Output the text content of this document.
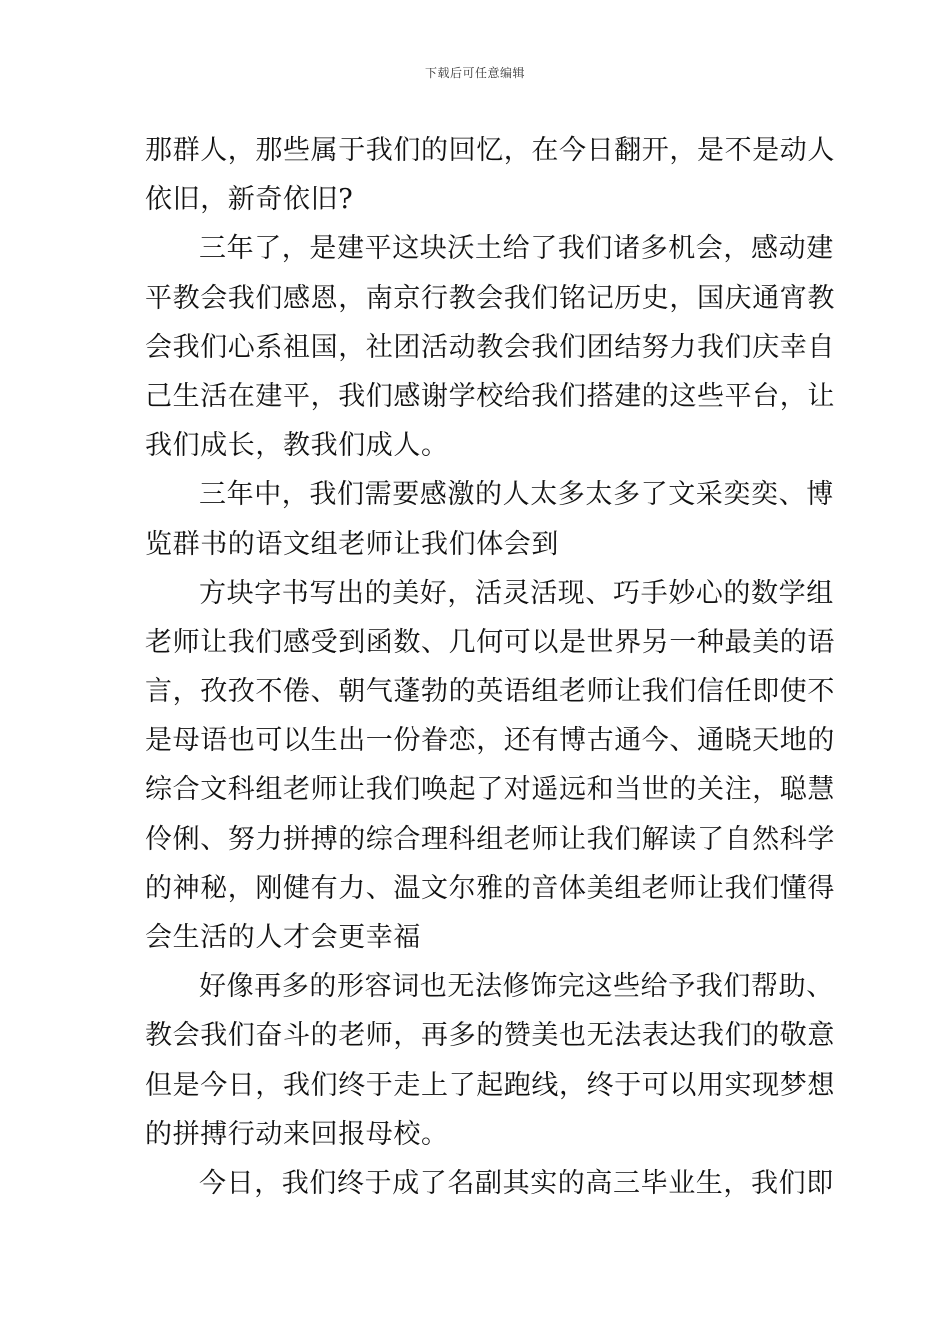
下载后可任意编辑
那群人，那些属于我们的回忆，在今日翻开，是不是动人
依旧，新奇依旧?
三年了，是建平这块沃土给了我们诸多机会，感动建
平教会我们感恩，南京行教会我们铭记历史，国庆通宵教
会我们心系祖国，社团活动教会我们团结努力我们庆幸自
己生活在建平，我们感谢学校给我们搭建的这些平台，让
我们成长，教我们成人。
三年中，我们需要感激的人太多太多了文采奕奕、博
览群书的语文组老师让我们体会到
方块字书写出的美好，活灵活现、巧手妙心的数学组
老师让我们感受到函数、几何可以是世界另一种最美的语
言，孜孜不倦、朝气蓬勃的英语组老师让我们信任即使不
是母语也可以生出一份眷恋，还有博古通今、通晓天地的
综合文科组老师让我们唤起了对遥远和当世的关注，聪慧
伶俐、努力拼搏的综合理科组老师让我们解读了自然科学
的神秘，刚健有力、温文尔雅的音体美组老师让我们懂得
会生活的人才会更幸福
好像再多的形容词也无法修饰完这些给予我们帮助、
教会我们奋斗的老师，再多的赞美也无法表达我们的敬意
但是今日，我们终于走上了起跑线，终于可以用实现梦想
的拼搏行动来回报母校。
今日，我们终于成了名副其实的高三毕业生，我们即
